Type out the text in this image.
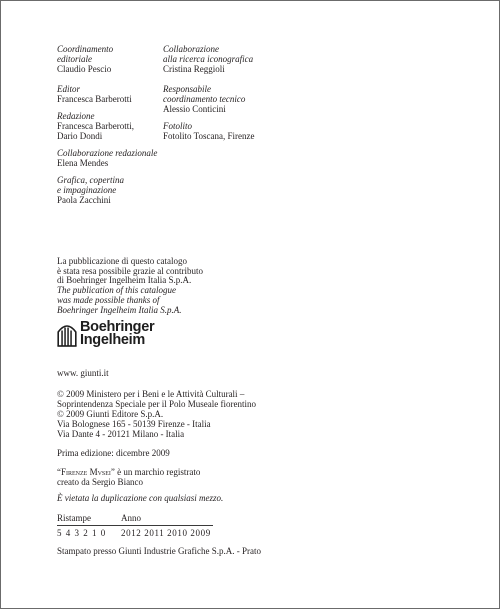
Coordinamento
editoriale
Claudio Pescio
Editor
Francesca Barberotti
Redazione
Francesca Barberotti,
Dario Dondi
Collaborazione redazionale
Elena Mendes
Grafica, copertina
e impaginazione
Paola Zacchini
Collaborazione
alla ricerca iconografica
Cristina Reggioli
Responsabile
coordinamento tecnico
Alessio Conticini
Fotolito
Fotolito Toscana, Firenze
La pubblicazione di questo catalogo
è stata resa possibile grazie al contributo
di Boehringer Ingelheim Italia S.p.A.
The publication of this catalogue
was made possible thanks of
Boehringer Ingelheim Italia S.p.A.
Boehringer
Ingelheim
www. giunti.it
© 2009 Ministero per i Beni e le Attività Culturali –
Soprintendenza Speciale per il Polo Museale fiorentino
© 2009 Giunti Editore S.p.A.
Via Bolognese 165 - 50139 Firenze - Italia
Via Dante 4 - 20121 Milano - Italia
Prima edizione: dicembre 2009
“Firenze Mvsei” è un marchio registrato
creato da Sergio Bianco
È vietata la duplicazione con qualsiasi mezzo.
Ristampe	Anno
5 4 3 2 1 0 2012 2011 2010 2009
Stampato presso Giunti Industrie Grafiche S.p.A. - Prato
